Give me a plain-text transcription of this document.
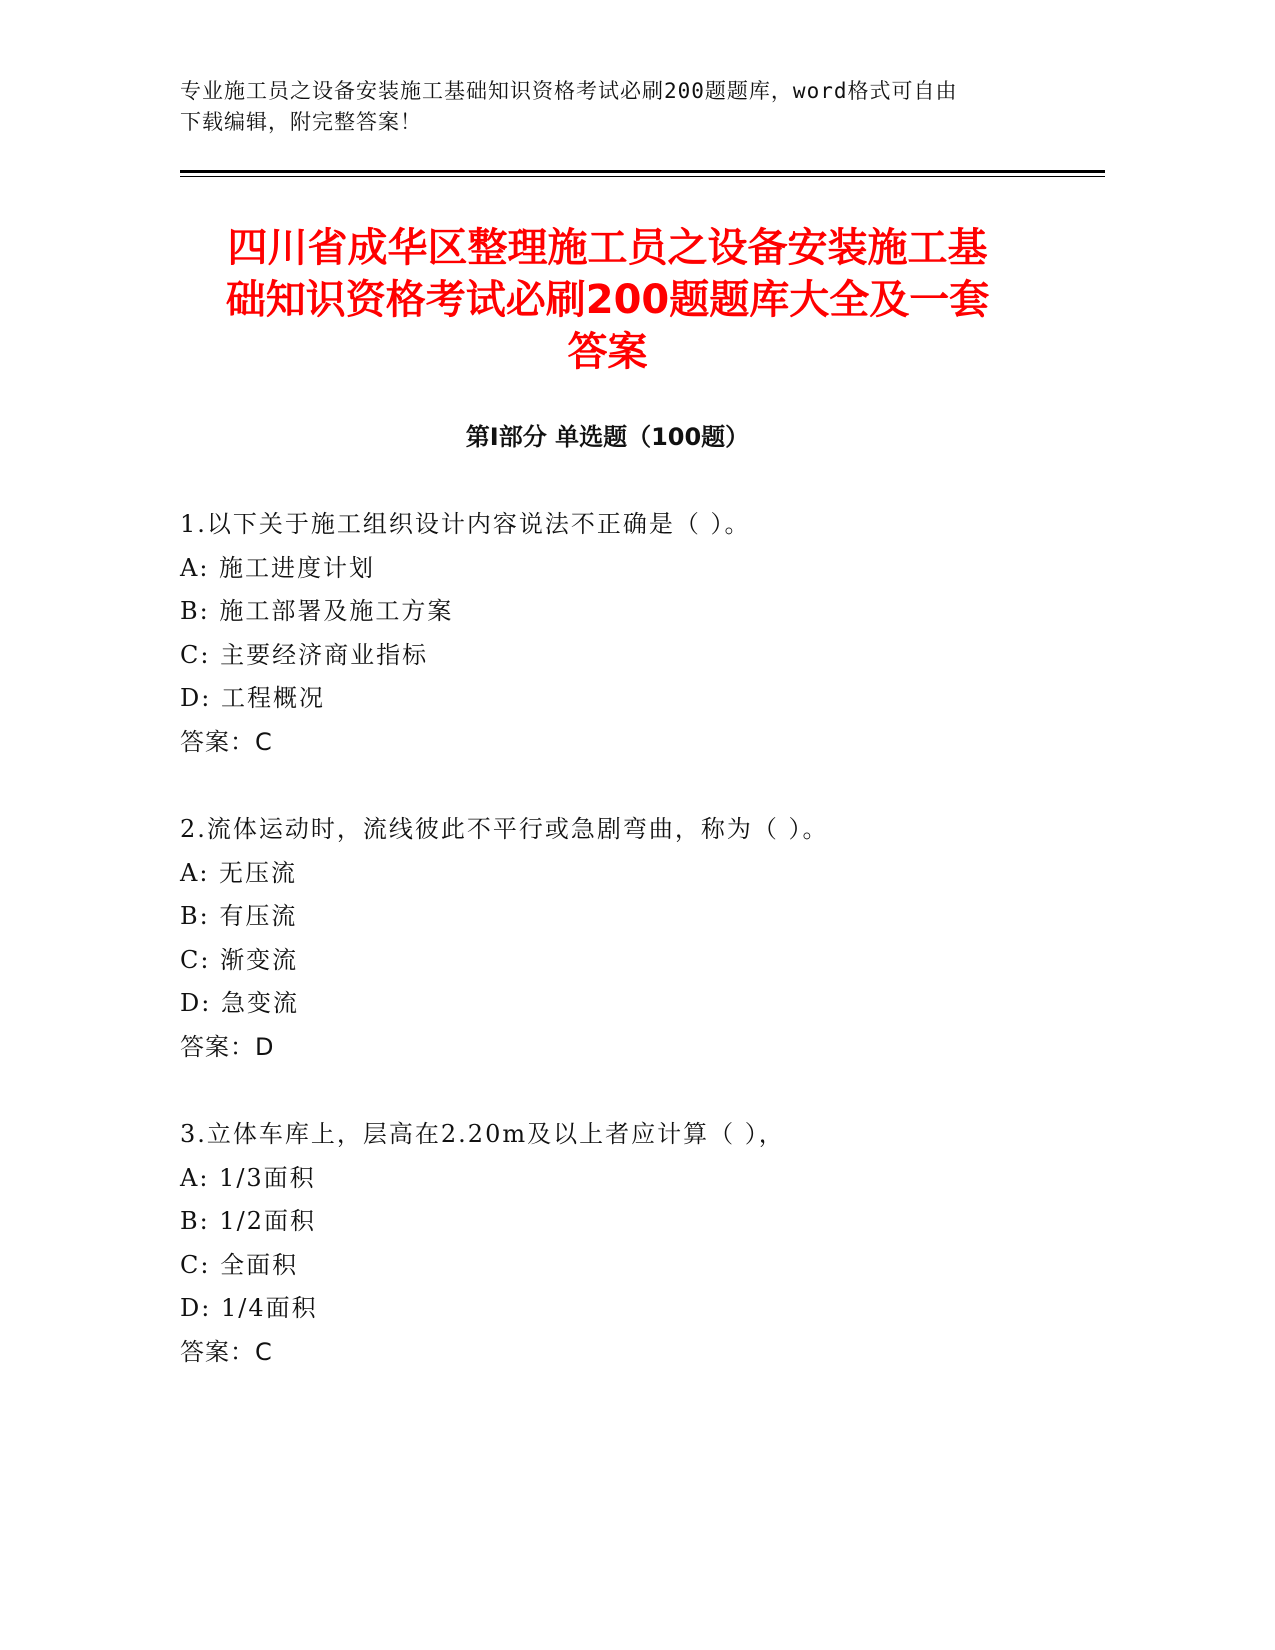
专业施工员之设备安装施工基础知识资格考试必刷200题题库，word格式可自由
下载编辑，附完整答案！
四川省成华区整理施工员之设备安装施工基
础知识资格考试必刷200题题库大全及一套
答案
第Ⅰ部分 单选题（100题）
1.以下关于施工组织设计内容说法不正确是（ ）。
A: 施工进度计划
B: 施工部署及施工方案
C: 主要经济商业指标
D: 工程概况
答案：C
2.流体运动时，流线彼此不平行或急剧弯曲，称为（ ）。
A: 无压流
B: 有压流
C: 渐变流
D: 急变流
答案：D
3.立体车库上，层高在2.20m及以上者应计算（ ），
A: 1/3面积
B: 1/2面积
C: 全面积
D: 1/4面积
答案：C
